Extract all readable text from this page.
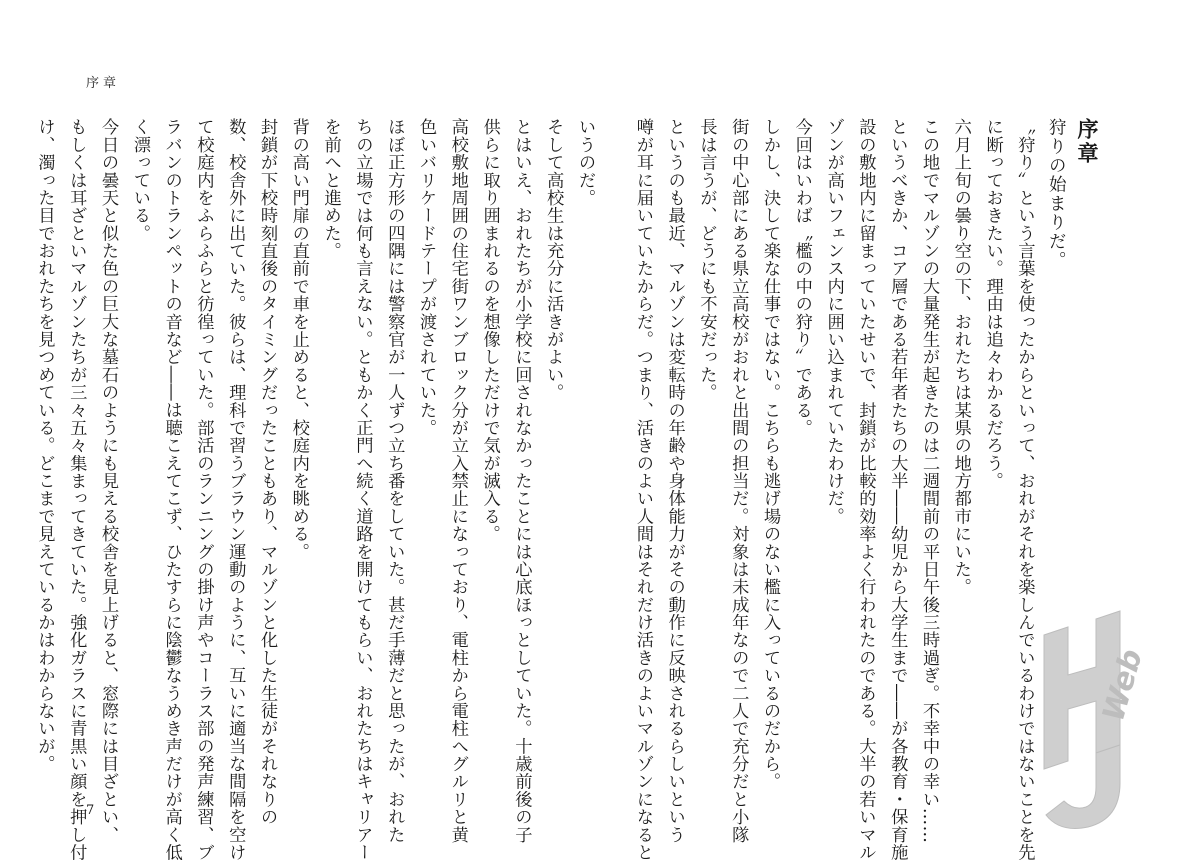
序章

いうのだ。

そして高校生は充分に活きがよい。

とはいえ、おれたちが小学校に回されなかったことには心底ほっとしていた。十歳前後の子

供らに取り囲まれるのを想像しただけで気が滅入る。

高校敷地周囲の住宅街ワンブロック分が立入禁止になっており、電柱から電柱へグルリと黄

色いバリケードテープが渡されていた。

ほぼ正方形の四隅には警察官が一人ずつ立ち番をしていた。甚だ手薄だと思ったが、おれた

ちの立場では何も言えない。ともかく正門へ続く道路を開けてもらい、おれたちはキャリアー

を前へと進めた。

背の高い門扉の直前で車を止めると、校庭内を眺める。

封鎖が下校時刻直後のタイミングだったこともあり、マルゾンと化した生徒がそれなりの

数、校舎外に出ていた。彼らは、理科で習うブラウン運動のように、互いに適当な間隔を空け

て校庭内をふらふらと彷徨っていた。部活のランニングの掛け声やコーラス部の発声練習、ブ

ラバンのトランペットの音など――は聴こえてこず、ひたすらに陰鬱なうめき声だけが高く低

く漂っている。

今日の曇天と似た色の巨大な墓石のようにも見える校舎を見上げると、窓際には目ざとい、

もしくは耳ざといマルゾンたちが三々五々集まってきていた。強化ガラスに青黒い顔を押し付

け、濁った目でおれたちを見つめている。どこまで見えているかはわからないが。

7

序章

狩りの始まりだ。

〝狩り〟という言葉を使ったからといって、おれがそれを楽しんでいるわけではないことを先

に断っておきたい。理由は追々わかるだろう。

六月上旬の曇り空の下、おれたちは某県の地方都市にいた。

この地でマルゾンの大量発生が起きたのは二週間前の平日午後三時過ぎ。不幸中の幸い……

というべきか、コア層である若年者たちの大半――幼児から大学生まで――が各教育・保育施

設の敷地内に留まっていたせいで、封鎖が比較的効率よく行われたのである。大半の若いマル

ゾンが高いフェンス内に囲い込まれていたわけだ。

今回はいわば〝檻の中の狩り〟である。

しかし、決して楽な仕事ではない。こちらも逃げ場のない檻に入っているのだから。

街の中心部にある県立高校がおれと出間の担当だ。対象は未成年なので二人で充分だと小隊

長は言うが、どうにも不安だった。

というのも最近、マルゾンは変転時の年齢や身体能力がその動作に反映されるらしいという

噂が耳に届いていたからだ。つまり、活きのよい人間はそれだけ活きのよいマルゾンになると	Web
